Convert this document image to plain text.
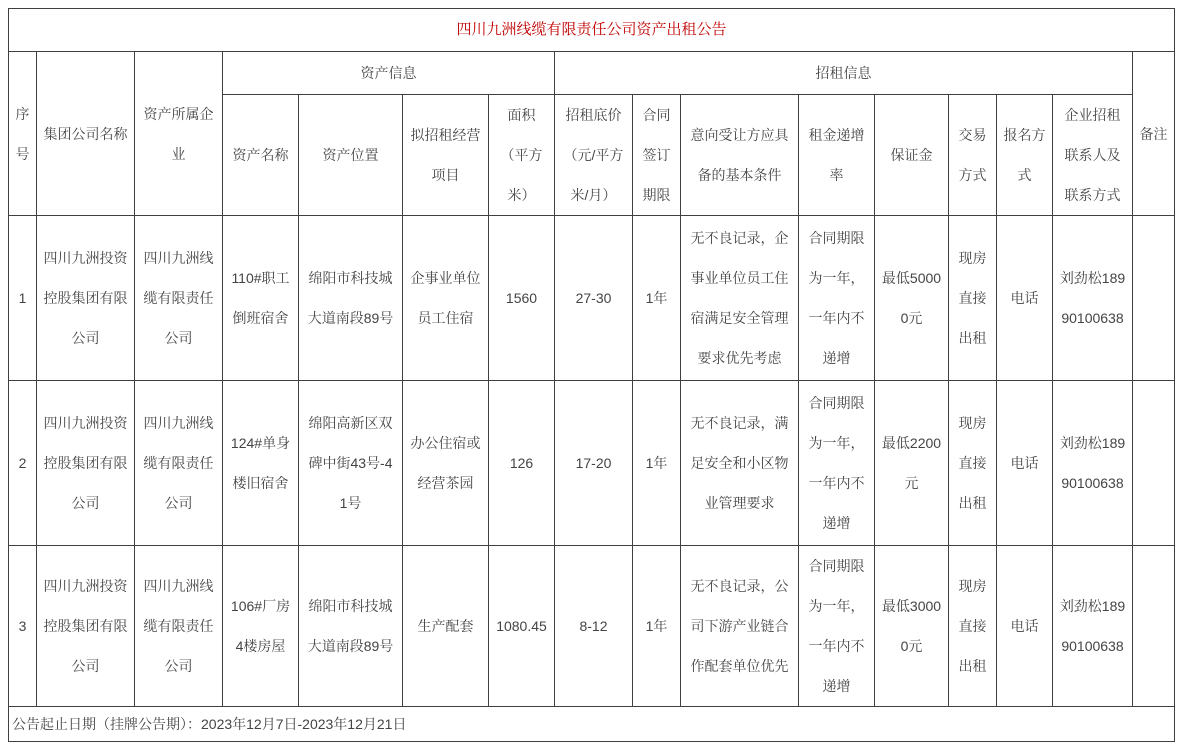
四川九洲线缆有限责任公司资产出租公告															
序号	集团公司名称	资产所属企业	资产信息				招租信息								备注
			资产名称	资产位置	拟招租经营项目	面积（平方米）	招租底价（元/平方米/月）	合同签订期限	意向受让方应具备的基本条件	租金递增率	保证金	交易方式	报名方式	企业招租联系人及联系方式	
1	四川九洲投资控股集团有限公司	四川九洲线缆有限责任公司	110#职工倒班宿舍	绵阳市科技城大道南段89号	企事业单位员工住宿	1560	27-30	1年	无不良记录，企事业单位员工住宿满足安全管理要求优先考虑	合同期限为一年，一年内不递增	最低50000元	现房直接出租	电话	刘劲松18990100638	
2	四川九洲投资控股集团有限公司	四川九洲线缆有限责任公司	124#单身楼旧宿舍	绵阳高新区双碑中街43号-41号	办公住宿或经营茶园	126	17-20	1年	无不良记录，满足安全和小区物业管理要求	合同期限为一年，一年内不递增	最低2200元	现房直接出租	电话	刘劲松18990100638	
3	四川九洲投资控股集团有限公司	四川九洲线缆有限责任公司	106#厂房4楼房屋	绵阳市科技城大道南段89号	生产配套	1080.45	8-12	1年	无不良记录，公司下游产业链合作配套单位优先	合同期限为一年，一年内不递增	最低30000元	现房直接出租	电话	刘劲松18990100638	
公告起止日期（挂牌公告期）：2023年12月7日-2023年12月21日															
